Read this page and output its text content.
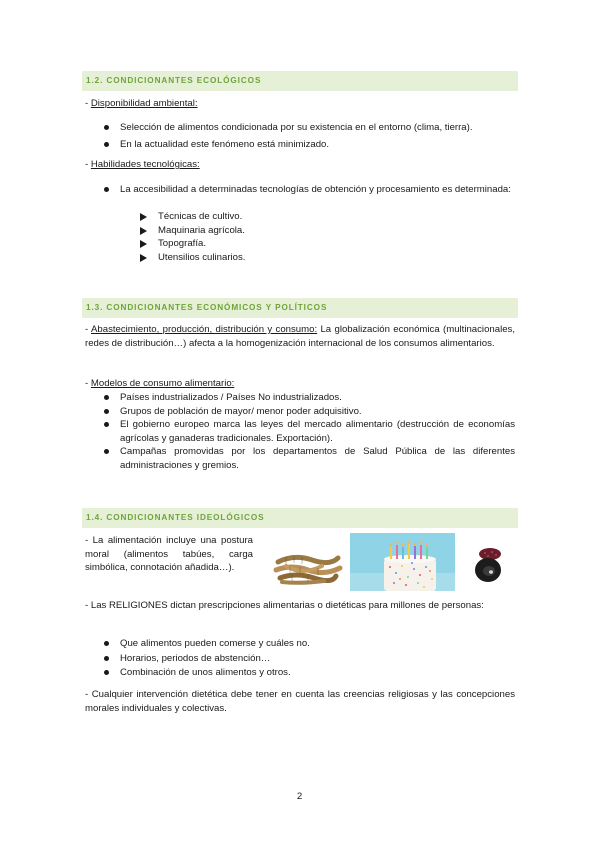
1.2. CONDICIONANTES ECOLÓGICOS
- Disponibilidad ambiental:
Selección de alimentos condicionada por su existencia en el entorno (clima, tierra).
En la actualidad este fenómeno está minimizado.
- Habilidades tecnológicas:
La accesibilidad a determinadas tecnologías de obtención y procesamiento es determinada:
Técnicas de cultivo.
Maquinaria agrícola.
Topografía.
Utensilios culinarios.
1.3. CONDICIONANTES ECONÓMICOS Y POLÍTICOS
- Abastecimiento, producción, distribución y consumo: La globalización económica (multinacionales, redes de distribución…) afecta a la homogenización internacional de los consumos alimentarios.
- Modelos de consumo alimentario:
Países industrializados / Países No industrializados.
Grupos de población de mayor/ menor poder adquisitivo.
El gobierno europeo marca las leyes del mercado alimentario (destrucción de economías agrícolas y ganaderas tradicionales. Exportación).
Campañas promovidas por los departamentos de Salud Pública de las diferentes administraciones y gremios.
1.4. CONDICIONANTES IDEOLÓGICOS
- La alimentación incluye una postura moral (alimentos tabúes, carga simbólica, connotación añadida…).
- Las RELIGIONES dictan prescripciones alimentarias o dietéticas para millones de personas:
Que alimentos pueden comerse y cuáles no.
Horarios, periodos de abstención…
Combinación de unos alimentos y otros.
- Cualquier intervención dietética debe tener en cuenta las creencias religiosas y las concepciones morales individuales y colectivas.
2
